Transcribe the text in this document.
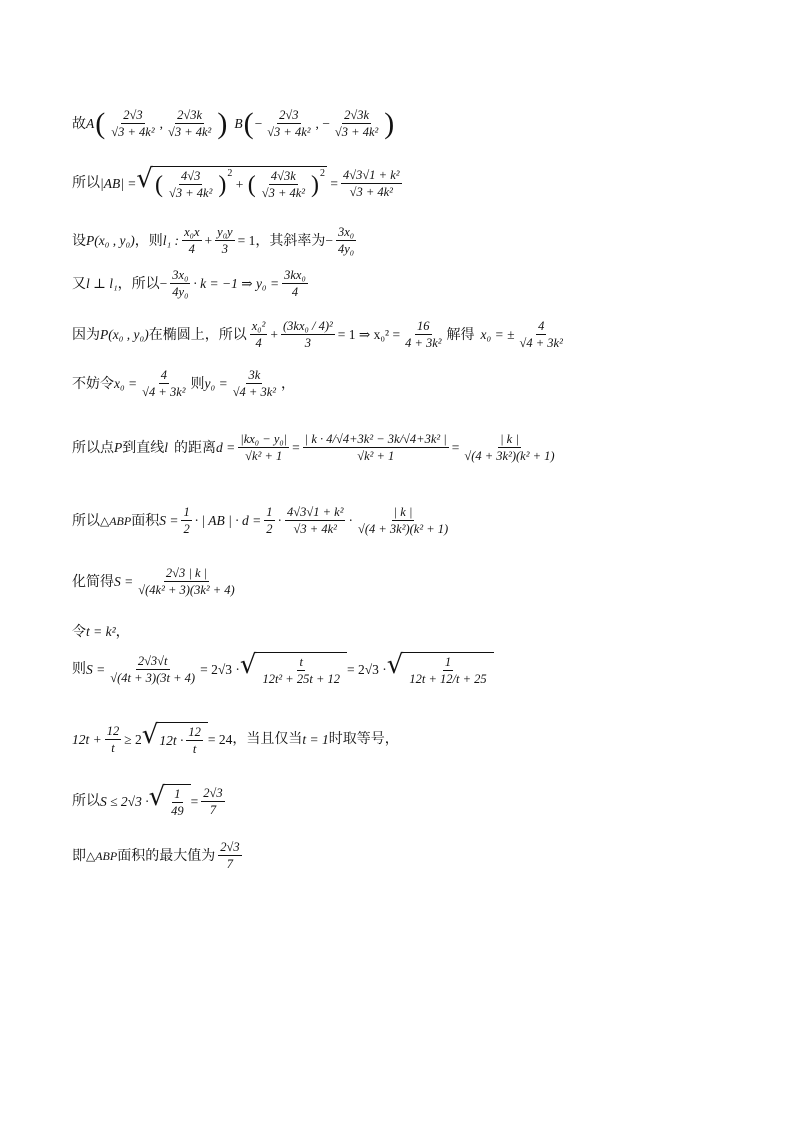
故 A ( $\frac{2√3}{\text{√3 + 4k²}}$ , $\frac{2√3k}{\text{√3 + 4k²}}$ ) B ( − $\frac{2√3}{\text{√3 + 4k²}}$ , − $\frac{2√3k}{\text{√3 + 4k²}}$ )
所以 |AB| = √ ( $\frac{4√3}{\text{√3 + 4k²}}$ ) 2
+ ( $\frac{4√3k}{\text{√3 + 4k²}}$ ) 2
= $\frac{\text{4√3√1 + k²}}{\text{√3 + 4k²}}$
设 P(x₀ , y₀) ，则 l₁ : $\frac{\text{x₀x}}{4} + \frac{\text{y₀y}}{3} = 1$ ，其斜率为 − $\frac{\text{3x₀}}{\text{4y₀}}$
又 l ⊥ l₁ ，所以 − $\frac{\text{3x₀}}{\text{4y₀}} \cdot k = -1$ ⇒ $y_0 = \frac{\text{3kx₀}}{4}$
因为 P(x₀ , y₀) 在椭圆上，所以 $\frac{\text{x₀²}}{4} + \frac{\text{(3kx₀ / 4)²}}{3} = 1$ ⇒ $x_0^2 = \frac{16}{\text{4 + 3k²}}$ 解得 x₀ = ± $\frac{4}{\text{√4 + 3k²}}$
不妨令 $x_0 = \frac{4}{\text{√4 + 3k²}}$ 则 $y_0 = \frac{3k}{\text{√4 + 3k²}}$ ，
所以点 P 到直线 l 的距离 $d = \frac{\text{|kx₀ − y₀|}}{\text{√k² + 1}} = \frac{\text{| k · 4/√4+3k² − 3k/√4+3k² |}}{\text{√k² + 1}} = \frac{| k |}{\text{√(4 + 3k²)(k² + 1)}}$
所以 △ABP 面积 $S = \frac{1}{2}$ · | AB | · $d = \frac{1}{2} \cdot \frac{\text{4√3√1 + k²}}{\text{√3 + 4k²}} \cdot \frac{| k |}{\text{√(4 + 3k²)(k² + 1)}}$
化简得 $S = \frac{2√3 | k |}{\text{√(4k² + 3)(3k² + 4)}}$
令 t = k² ，
则 $S = \frac{2√3√t}{√(4t + 3)(3t + 4)} = 2√3$ · √ $\frac{t}{\text{12t² + 25t + 12}} = 2√3$ · √ $\frac{1}{12t + 12/t + 25}$
$12t + \frac{12}{t} \ge 2$ √ $12t \cdot \frac{12}{t} = 24$ ，当且仅当 t = 1 时取等号，
所以 S ≤ 2√3 · √ $\frac{1}{49} = \frac{2√3}{7}$
即 △ABP 面积的最大值为 $\frac{2√3}{7}$
